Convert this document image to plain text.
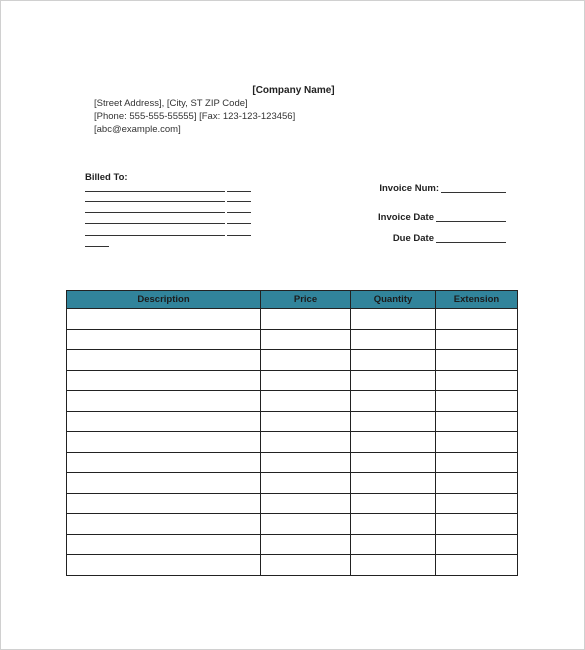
[Company Name]
[Street Address], [City, ST ZIP Code]
[Phone: 555-555-55555] [Fax: 123-123-123456]
[abc@example.com]
Billed To:
Invoice Num:
Invoice Date
Due Date
Description	Price	Quantity	Extension
